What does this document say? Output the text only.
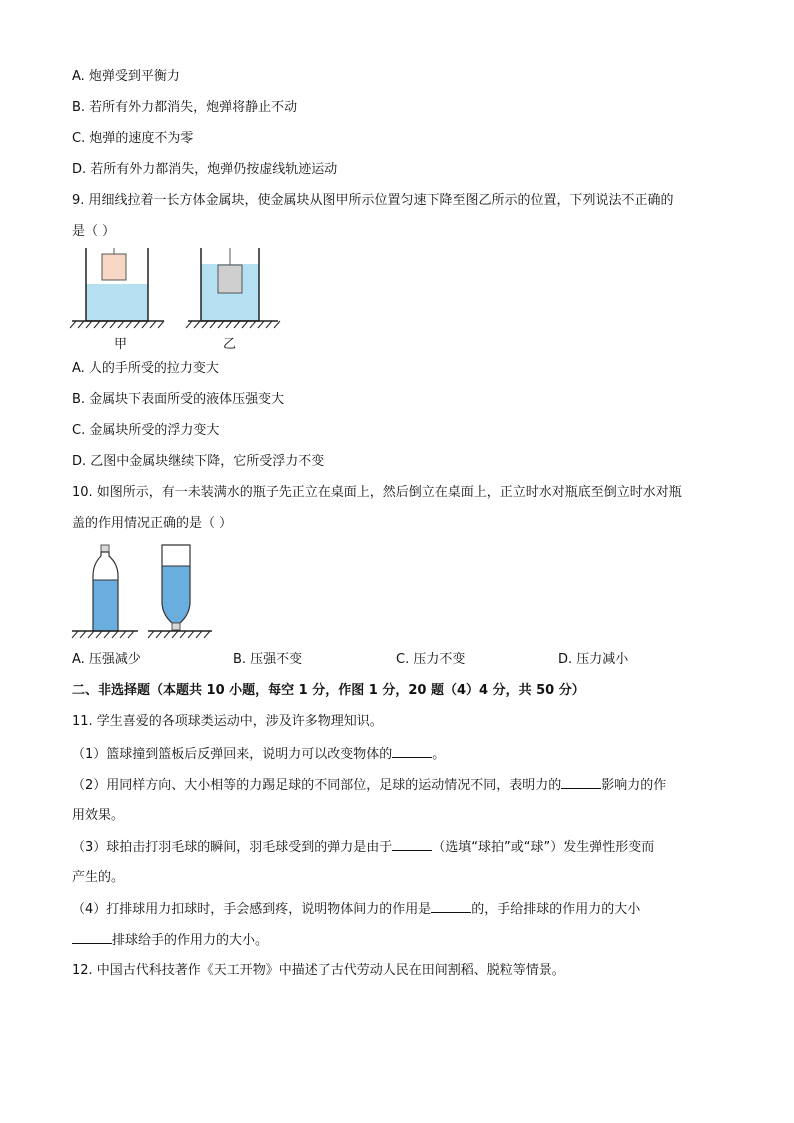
A. 炮弹受到平衡力
B. 若所有外力都消失，炮弹将静止不动
C. 炮弹的速度不为零
D. 若所有外力都消失，炮弹仍按虚线轨迹运动
9. 用细线拉着一长方体金属块，使金属块从图甲所示位置匀速下降至图乙所示的位置，下列说法不正确的
是（ ）
甲	乙
A. 人的手所受的拉力变大
B. 金属块下表面所受的液体压强变大
C. 金属块所受的浮力变大
D. 乙图中金属块继续下降，它所受浮力不变
10. 如图所示，有一未装满水的瓶子先正立在桌面上，然后倒立在桌面上，正立时水对瓶底至倒立时水对瓶
盖的作用情况正确的是（ ）
A. 压强减少	B. 压强不变	C. 压力不变	D. 压力减小
二、非选择题（本题共 10 小题，每空 1 分，作图 1 分，20 题（4）4 分，共 50 分）
11. 学生喜爱的各项球类运动中，涉及许多物理知识。
（1）篮球撞到篮板后反弹回来，说明力可以改变物体的	。
（2）用同样方向、大小相等的力踢足球的不同部位，足球的运动情况不同，表明力的	影响力的作
用效果。
（3）球拍击打羽毛球的瞬间，羽毛球受到的弹力是由于	（选填“球拍”或“球”）发生弹性形变而
产生的。
（4）打排球用力扣球时，手会感到疼，说明物体间力的作用是	的，手给排球的作用力的大小
排球给手的作用力的大小。
12. 中国古代科技著作《天工开物》中描述了古代劳动人民在田间割稻、脱粒等情景。
